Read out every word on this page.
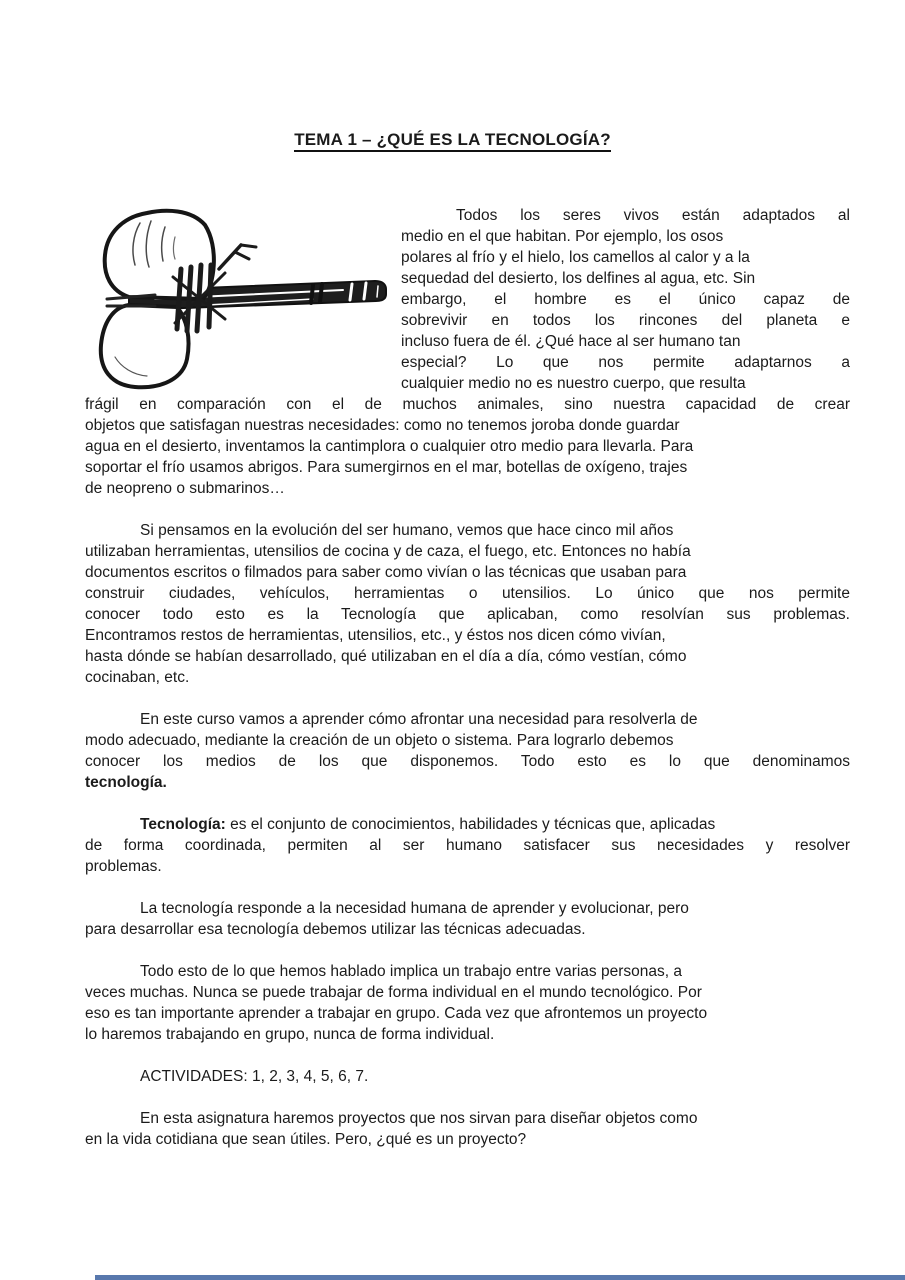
TEMA 1 – ¿QUÉ ES LA TECNOLOGÍA?
Todos los seres vivos están adaptados al
medio en el que habitan. Por ejemplo, los osos
polares al frío y el hielo, los camellos al calor y a la
sequedad del desierto, los delfines al agua, etc. Sin
embargo, el hombre es el único capaz de
sobrevivir en todos los rincones del planeta e
incluso fuera de él. ¿Qué hace al ser humano tan
especial? Lo que nos permite adaptarnos a
cualquier medio no es nuestro cuerpo, que resulta
frágil en comparación con el de muchos animales, sino nuestra capacidad de crear
objetos que satisfagan nuestras necesidades: como no tenemos joroba donde guardar
agua en el desierto, inventamos la cantimplora o cualquier otro medio para llevarla. Para
soportar el frío usamos abrigos. Para sumergirnos en el mar, botellas de oxígeno, trajes
de neopreno o submarinos…
Si pensamos en la evolución del ser humano, vemos que hace cinco mil años
utilizaban herramientas, utensilios de cocina y de caza, el fuego, etc. Entonces no había
documentos escritos o filmados para saber como vivían o las técnicas que usaban para
construir ciudades, vehículos, herramientas o utensilios. Lo único que nos permite
conocer todo esto es la Tecnología que aplicaban, como resolvían sus problemas.
Encontramos restos de herramientas, utensilios, etc., y éstos nos dicen cómo vivían,
hasta dónde se habían desarrollado, qué utilizaban en el día a día, cómo vestían, cómo
cocinaban, etc.
En este curso vamos a aprender cómo afrontar una necesidad para resolverla de
modo adecuado, mediante la creación de un objeto o sistema. Para lograrlo debemos
conocer los medios de los que disponemos. Todo esto es lo que denominamos
tecnología.
Tecnología: es el conjunto de conocimientos, habilidades y técnicas que, aplicadas
de forma coordinada, permiten al ser humano satisfacer sus necesidades y resolver
problemas.
La tecnología responde a la necesidad humana de aprender y evolucionar, pero
para desarrollar esa tecnología debemos utilizar las técnicas adecuadas.
Todo esto de lo que hemos hablado implica un trabajo entre varias personas, a
veces muchas. Nunca se puede trabajar de forma individual en el mundo tecnológico. Por
eso es tan importante aprender a trabajar en grupo. Cada vez que afrontemos un proyecto
lo haremos trabajando en grupo, nunca de forma individual.
ACTIVIDADES: 1, 2, 3, 4, 5, 6, 7.
En esta asignatura haremos proyectos que nos sirvan para diseñar objetos como
en la vida cotidiana que sean útiles. Pero, ¿qué es un proyecto?
